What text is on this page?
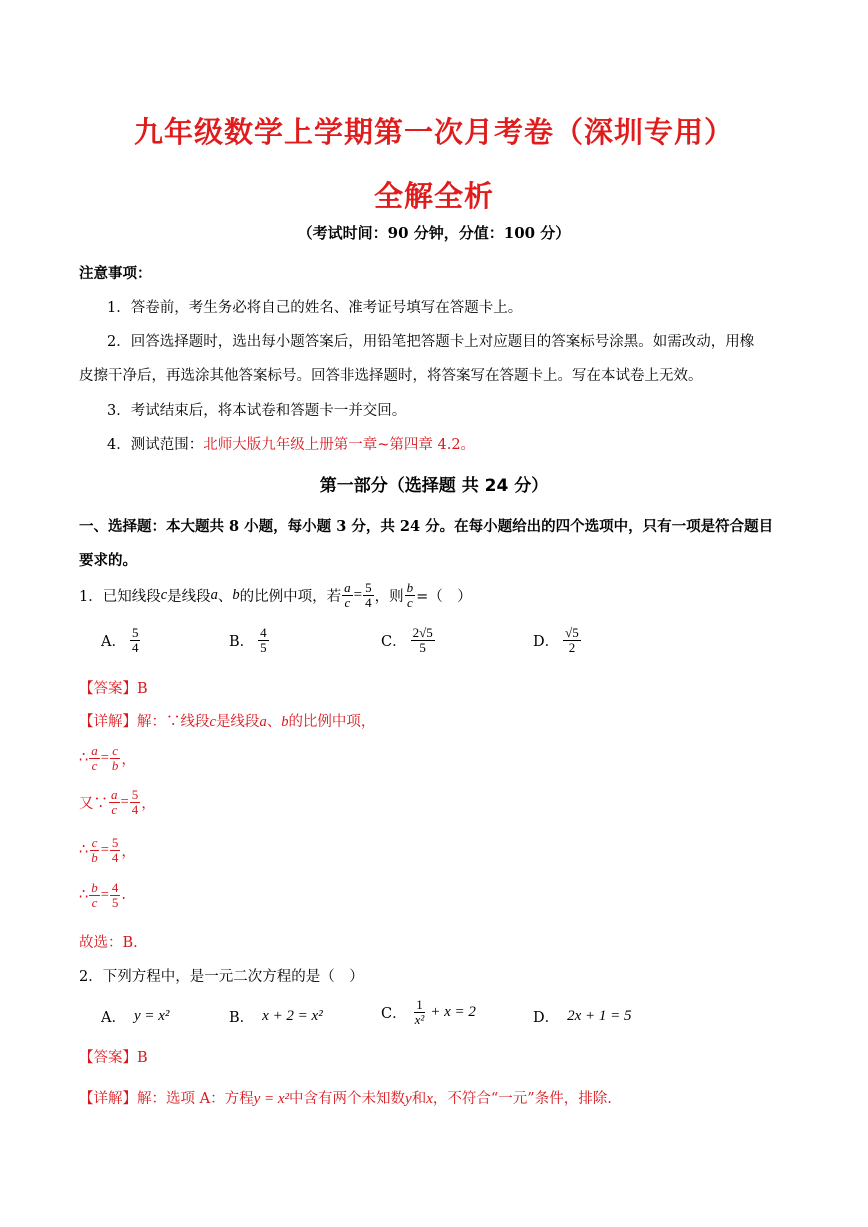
九年级数学上学期第一次月考卷（深圳专用）
全解全析
（考试时间：90 分钟，分值：100 分）
注意事项：
1．答卷前，考生务必将自己的姓名、准考证号填写在答题卡上。
2．回答选择题时，选出每小题答案后，用铅笔把答题卡上对应题目的答案标号涂黑。如需改动，用橡
皮擦干净后，再选涂其他答案标号。回答非选择题时，将答案写在答题卡上。写在本试卷上无效。
3．考试结束后，将本试卷和答题卡一并交回。
4．测试范围：北师大版九年级上册第一章~第四章 4.2。
第一部分（选择题 共 24 分）
一、选择题：本大题共 8 小题，每小题 3 分，共 24 分。在每小题给出的四个选项中，只有一项是符合题目
要求的。
1．已知线段 c 是线段 a 、 b 的比例中项，若 $\frac{a}{c} = \frac{5}{4}$ ，则 $\frac{b}{c}$ =（　）
A． $\frac{5}{4}$	B． $\frac{4}{5}$	C． $\frac{2√5}{5}$	D． $\frac{√5}{2}$
【答案】B
【详解】解：∵线段c是线段a、b的比例中项，
∴ $\frac{a}{c} = \frac{c}{b}$ ，
又∵ $\frac{a}{c} = \frac{5}{4}$ ，
∴ $\frac{c}{b} = \frac{5}{4}$ ，
∴ $\frac{b}{c} = \frac{4}{5}$ .
故选：B.
2．下列方程中，是一元二次方程的是（　）
A． y = x²	B． x + 2 = x²	C． $\frac{1}{\text{x²}} + x = 2$	D． 2x + 1 = 5
【答案】B
【详解】解：选项 A：方程y = x²中含有两个未知数y和x，不符合“一元”条件，排除.
